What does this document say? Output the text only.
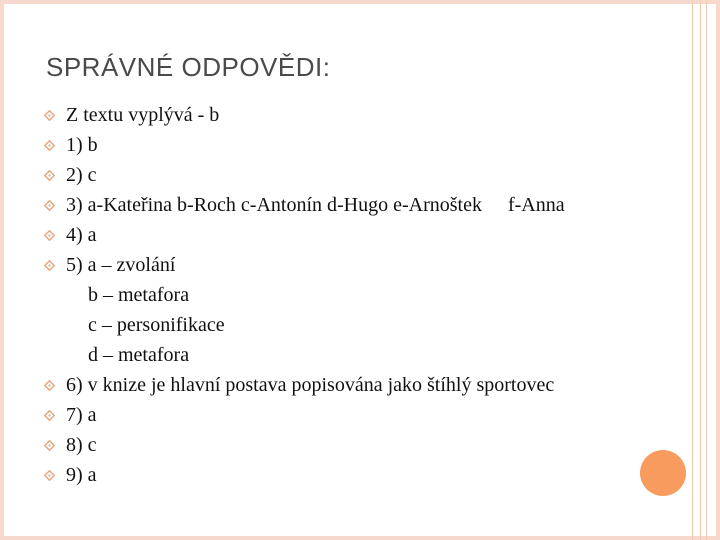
SPRÁVNÉ ODPOVĚDI:
Z textu vyplývá - b
1) b
2) c
3) a-Kateřina b-Roch c-Antonín d-Hugo e-Arnoštek f-Anna
4) a
5) a – zvolání
b – metafora
c – personifikace
d – metafora
6) v knize je hlavní postava popisována jako štíhlý sportovec
7) a
8) c
9) a
